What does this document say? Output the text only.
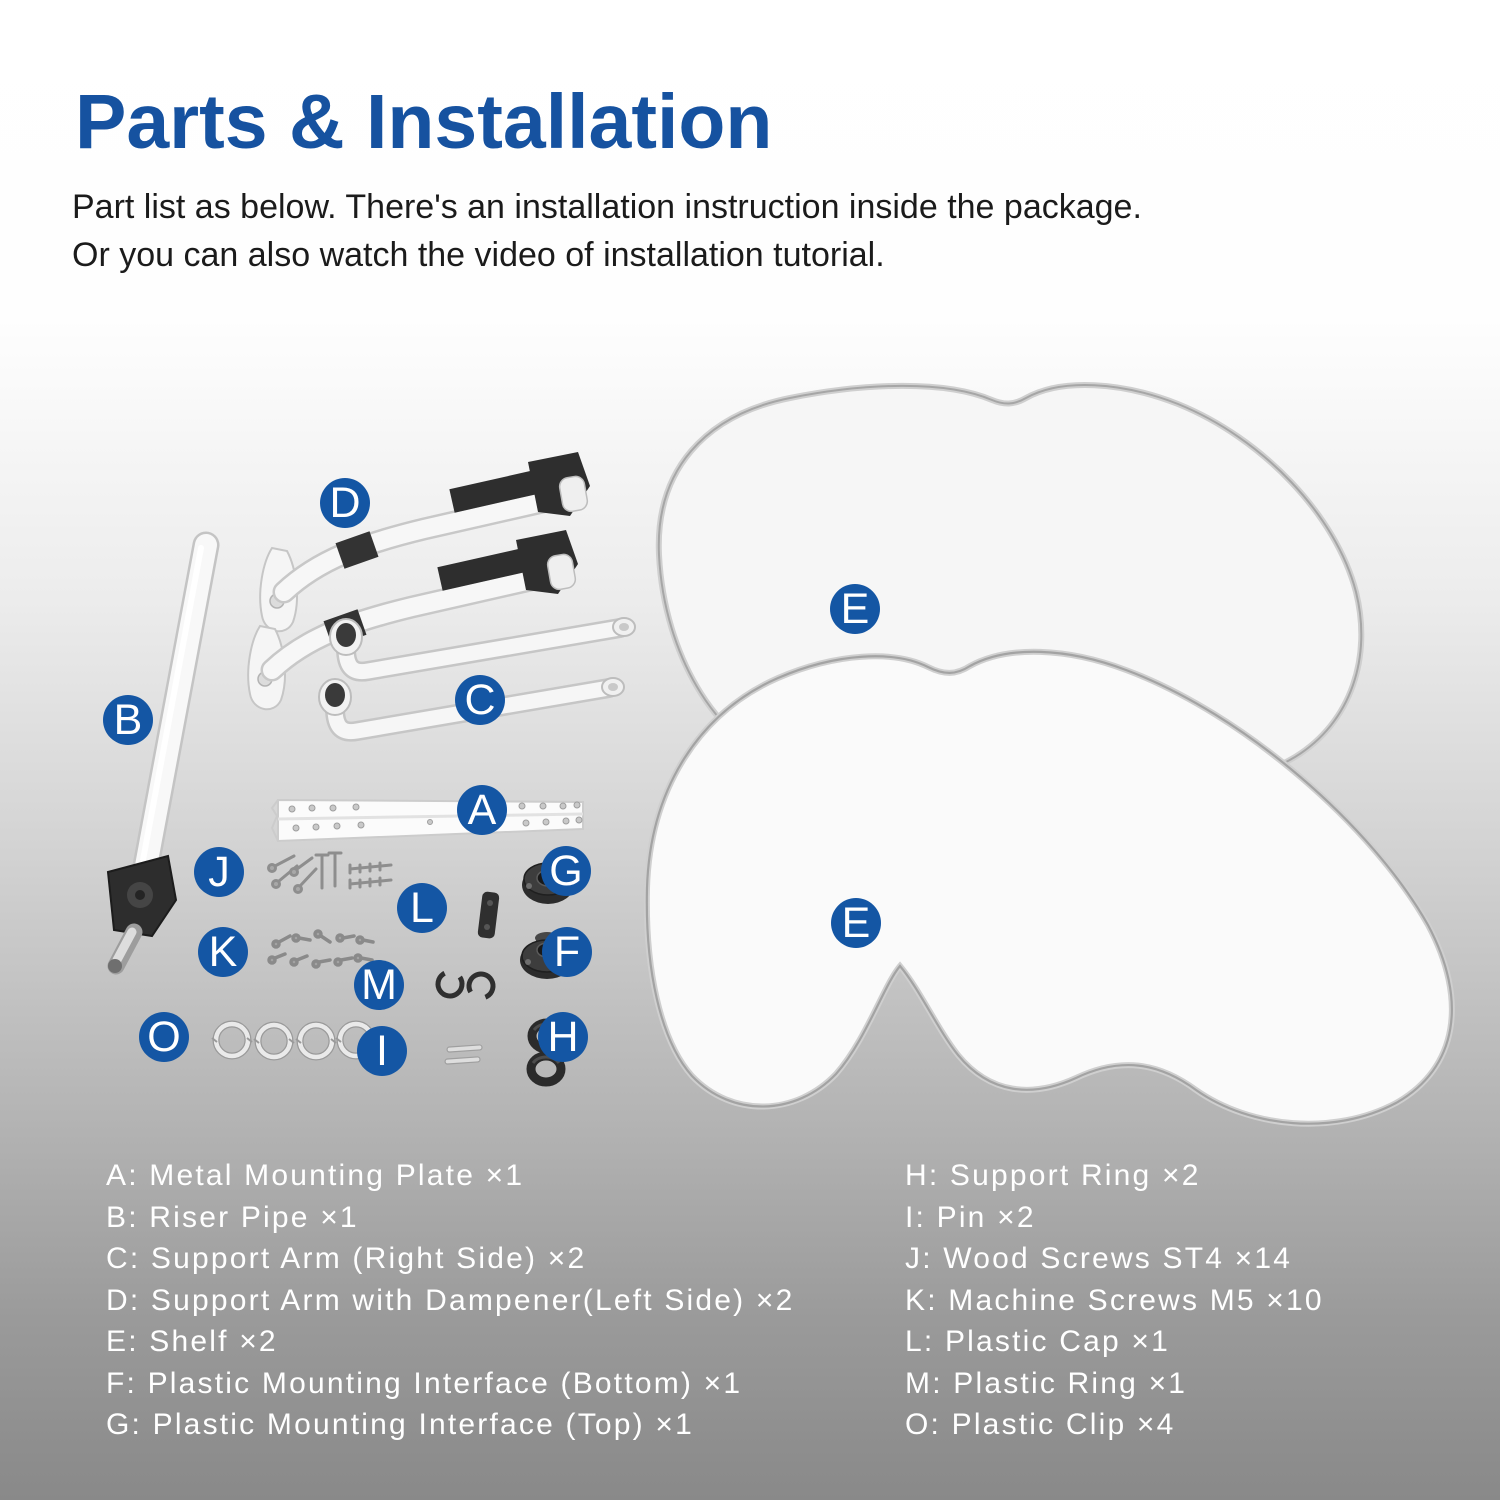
Parts & Installation

Part list as below. There's an installation instruction inside the package.
Or you can also watch the video of installation tutorial.

D
B	C
A
J
L
G
K	F
M
O	I	H
E
E
A: Metal Mounting Plate ×1
B: Riser Pipe ×1
C: Support Arm (Right Side) ×2
D: Support Arm with Dampener(Left Side) ×2
E: Shelf ×2
F: Plastic Mounting Interface (Bottom) ×1
G: Plastic Mounting Interface (Top) ×1
H: Support Ring ×2
I: Pin ×2
J: Wood Screws ST4 ×14
K: Machine Screws M5 ×10
L: Plastic Cap ×1
M: Plastic Ring ×1
O: Plastic Clip ×4
